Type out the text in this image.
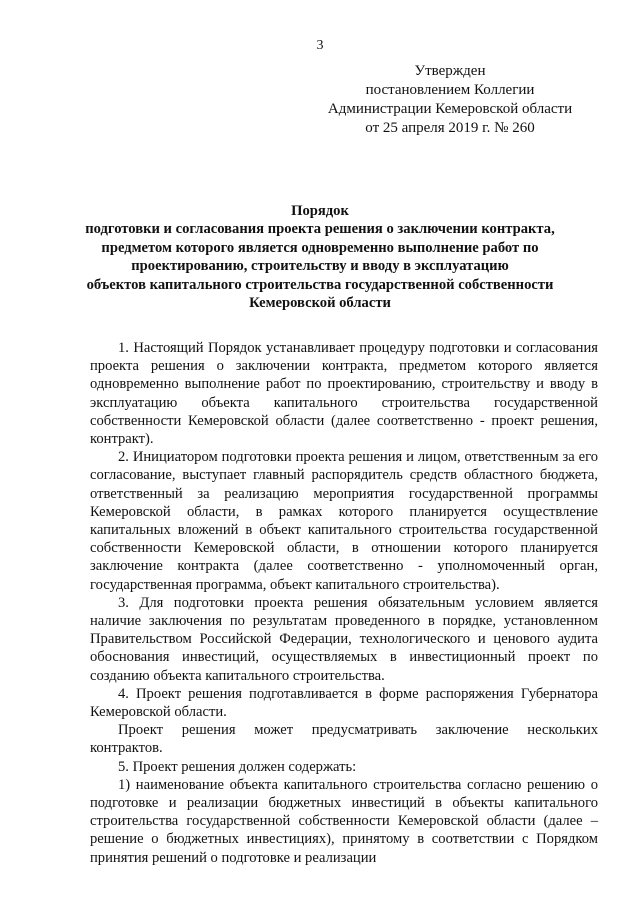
3
Утвержден
постановлением Коллегии
Администрации Кемеровской области
от 25 апреля 2019 г. № 260
Порядок
подготовки и согласования проекта решения о заключении контракта,
предметом которого является одновременно выполнение работ по
проектированию, строительству и вводу в эксплуатацию
объектов капитального строительства государственной собственности
Кемеровской области

1. Настоящий Порядок устанавливает процедуру подготовки и согласования проекта решения о заключении контракта, предметом которого является одновременно выполнение работ по проектированию, строительству и вводу в эксплуатацию объекта капитального строительства государственной собственности Кемеровской области (далее соответственно - проект решения, контракт).

2. Инициатором подготовки проекта решения и лицом, ответственным за его согласование, выступает главный распорядитель средств областного бюджета, ответственный за реализацию мероприятия государственной программы Кемеровской области, в рамках которого планируется осуществление капитальных вложений в объект капитального строительства государственной собственности Кемеровской области, в отношении которого планируется заключение контракта (далее соответственно - уполномоченный орган, государственная программа, объект капитального строительства).

3. Для подготовки проекта решения обязательным условием является наличие заключения по результатам проведенного в порядке, установленном Правительством Российской Федерации, технологического и ценового аудита обоснования инвестиций, осуществляемых в инвестиционный проект по созданию объекта капитального строительства.

4. Проект решения подготавливается в форме распоряжения Губернатора Кемеровской области.

Проект решения может предусматривать заключение нескольких контрактов.

5. Проект решения должен содержать:

1) наименование объекта капитального строительства согласно решению о подготовке и реализации бюджетных инвестиций в объекты капитального строительства государственной собственности Кемеровской области (далее – решение о бюджетных инвестициях), принятому в соответствии с Порядком принятия решений о подготовке и реализации
